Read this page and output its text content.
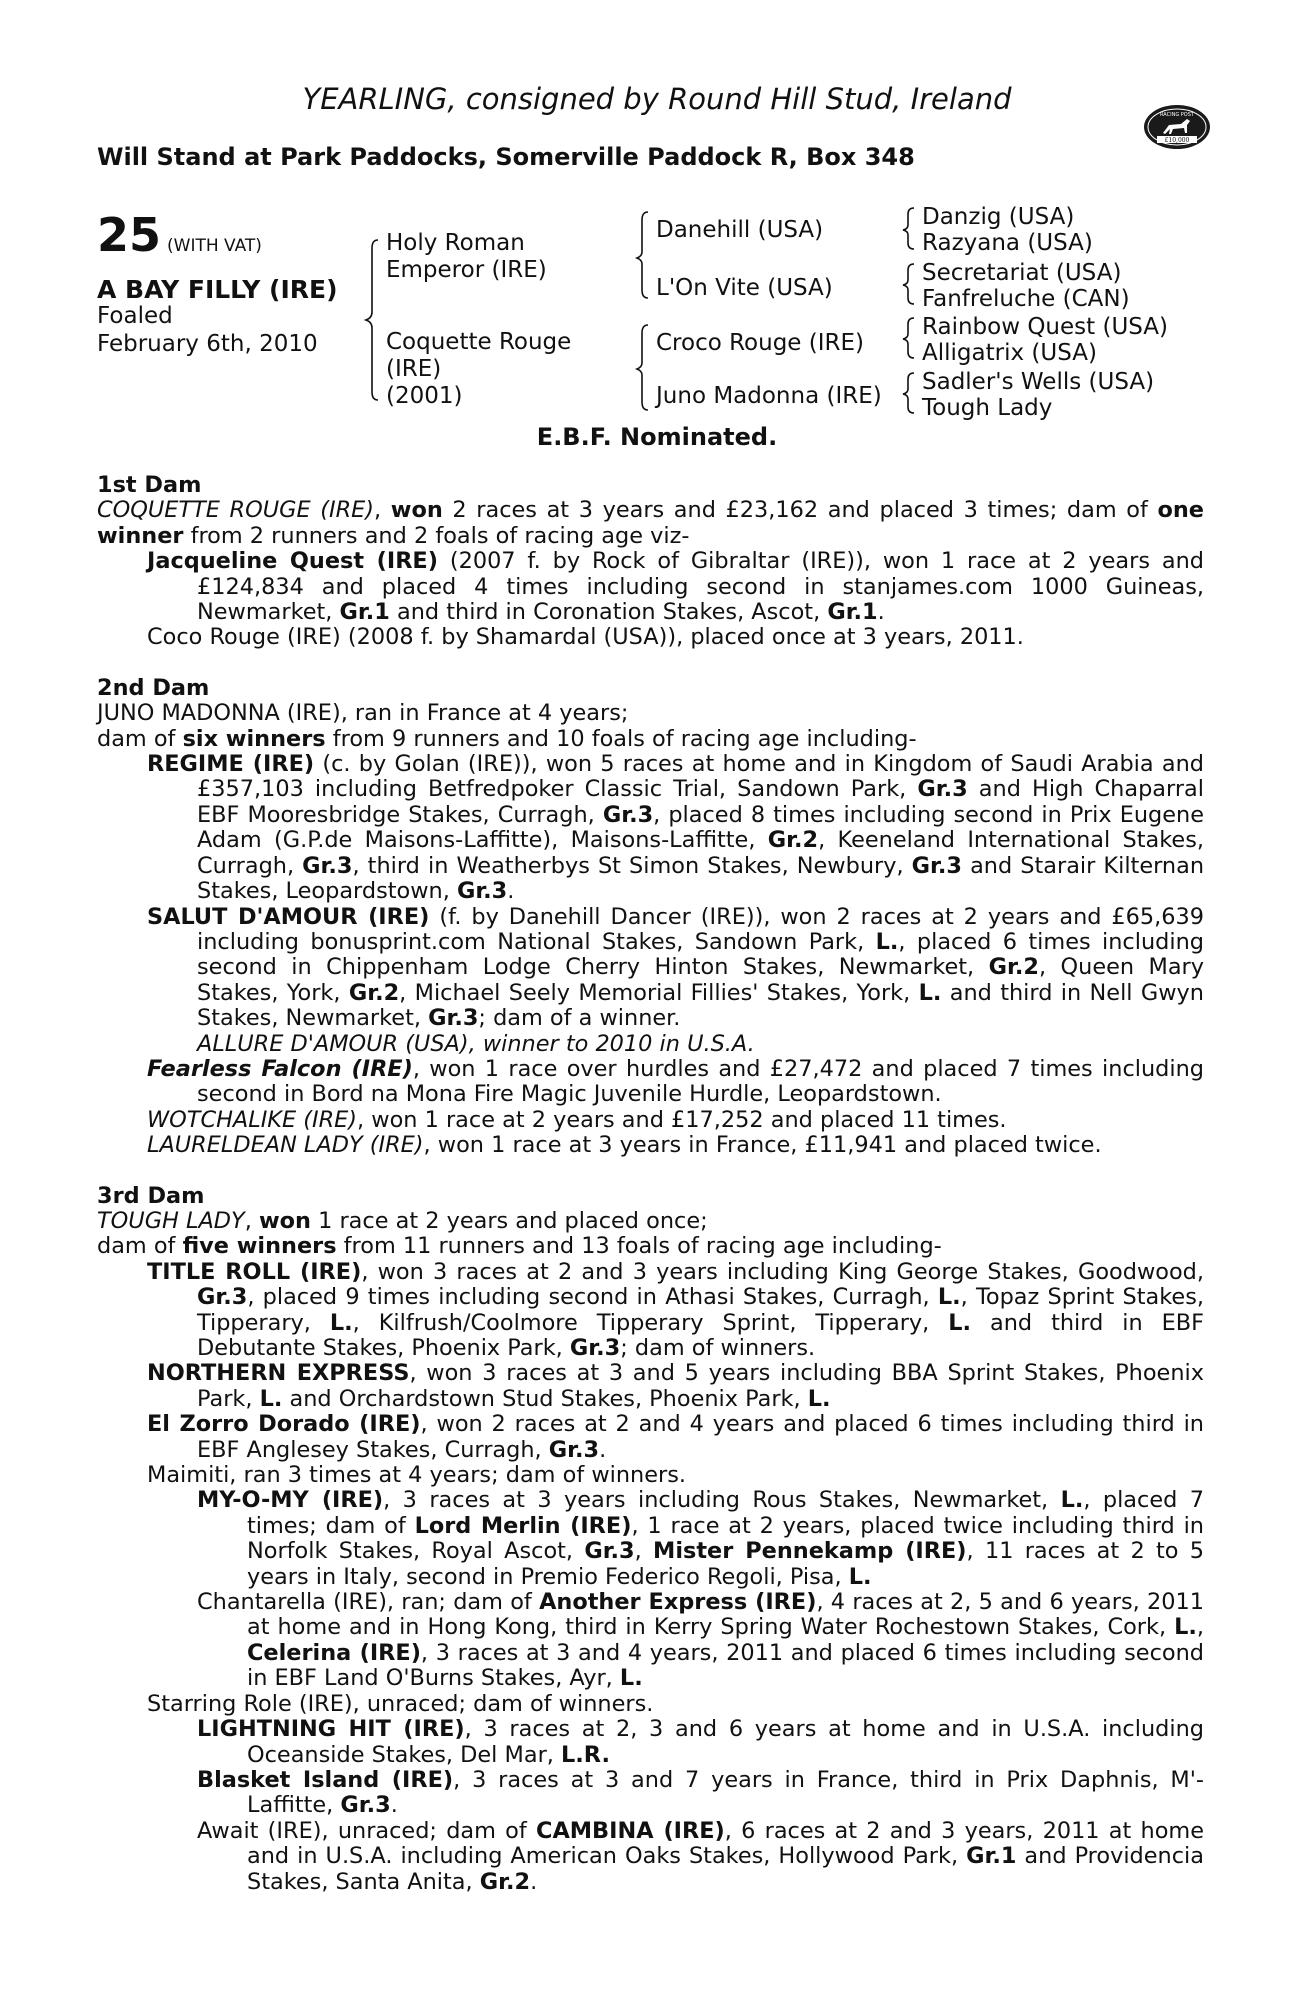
YEARLING, consigned by Round Hill Stud, Ireland
Will Stand at Park Paddocks, Somerville Paddock R, Box 348
RACING POST
£10,000
25 (WITH VAT)
A BAY FILLY (IRE)
Foaled
February 6th, 2010
Holy Roman
Emperor (IRE)
Coquette Rouge
(IRE)
(2001)
Danehill (USA)
L'On Vite (USA)
Croco Rouge (IRE)
Juno Madonna (IRE)
Danzig (USA)
Razyana (USA)
Secretariat (USA)
Fanfreluche (CAN)
Rainbow Quest (USA)
Alligatrix (USA)
Sadler's Wells (USA)
Tough Lady
E.B.F. Nominated.
1st Dam

COQUETTE ROUGE (IRE), won 2 races at 3 years and £23,162 and placed 3 times; dam of one winner from 2 runners and 2 foals of racing age viz-

Jacqueline Quest (IRE) (2007 f. by Rock of Gibraltar (IRE)), won 1 race at 2 years and £124,834 and placed 4 times including second in stanjames.com 1000 Guineas, Newmarket, Gr.1 and third in Coronation Stakes, Ascot, Gr.1.

Coco Rouge (IRE) (2008 f. by Shamardal (USA)), placed once at 3 years, 2011.

2nd Dam

JUNO MADONNA (IRE), ran in France at 4 years;

dam of six winners from 9 runners and 10 foals of racing age including-

REGIME (IRE) (c. by Golan (IRE)), won 5 races at home and in Kingdom of Saudi Arabia and £357,103 including Betfredpoker Classic Trial, Sandown Park, Gr.3 and High Chaparral EBF Mooresbridge Stakes, Curragh, Gr.3, placed 8 times including second in Prix Eugene Adam (G.P.de Maisons-Laffitte), Maisons-Laffitte, Gr.2, Keeneland International Stakes, Curragh, Gr.3, third in Weatherbys St Simon Stakes, Newbury, Gr.3 and Starair Kilternan Stakes, Leopardstown, Gr.3.

SALUT D'AMOUR (IRE) (f. by Danehill Dancer (IRE)), won 2 races at 2 years and £65,639 including bonusprint.com National Stakes, Sandown Park, L., placed 6 times including second in Chippenham Lodge Cherry Hinton Stakes, Newmarket, Gr.2, Queen Mary Stakes, York, Gr.2, Michael Seely Memorial Fillies' Stakes, York, L. and third in Nell Gwyn Stakes, Newmarket, Gr.3; dam of a winner.

ALLURE D'AMOUR (USA), winner to 2010 in U.S.A.

Fearless Falcon (IRE), won 1 race over hurdles and £27,472 and placed 7 times including second in Bord na Mona Fire Magic Juvenile Hurdle, Leopardstown.

WOTCHALIKE (IRE), won 1 race at 2 years and £17,252 and placed 11 times.

LAURELDEAN LADY (IRE), won 1 race at 3 years in France, £11,941 and placed twice.

3rd Dam

TOUGH LADY, won 1 race at 2 years and placed once;

dam of five winners from 11 runners and 13 foals of racing age including-

TITLE ROLL (IRE), won 3 races at 2 and 3 years including King George Stakes, Goodwood, Gr.3, placed 9 times including second in Athasi Stakes, Curragh, L., Topaz Sprint Stakes, Tipperary, L., Kilfrush/Coolmore Tipperary Sprint, Tipperary, L. and third in EBF Debutante Stakes, Phoenix Park, Gr.3; dam of winners.

NORTHERN EXPRESS, won 3 races at 3 and 5 years including BBA Sprint Stakes, Phoenix Park, L. and Orchardstown Stud Stakes, Phoenix Park, L.

El Zorro Dorado (IRE), won 2 races at 2 and 4 years and placed 6 times including third in EBF Anglesey Stakes, Curragh, Gr.3.

Maimiti, ran 3 times at 4 years; dam of winners.

MY-O-MY (IRE), 3 races at 3 years including Rous Stakes, Newmarket, L., placed 7 times; dam of Lord Merlin (IRE), 1 race at 2 years, placed twice including third in Norfolk Stakes, Royal Ascot, Gr.3, Mister Pennekamp (IRE), 11 races at 2 to 5 years in Italy, second in Premio Federico Regoli, Pisa, L.

Chantarella (IRE), ran; dam of Another Express (IRE), 4 races at 2, 5 and 6 years, 2011 at home and in Hong Kong, third in Kerry Spring Water Rochestown Stakes, Cork, L., Celerina (IRE), 3 races at 3 and 4 years, 2011 and placed 6 times including second in EBF Land O'Burns Stakes, Ayr, L.

Starring Role (IRE), unraced; dam of winners.

LIGHTNING HIT (IRE), 3 races at 2, 3 and 6 years at home and in U.S.A. including Oceanside Stakes, Del Mar, L.R.

Blasket Island (IRE), 3 races at 3 and 7 years in France, third in Prix Daphnis, M'-Laffitte, Gr.3.

Await (IRE), unraced; dam of CAMBINA (IRE), 6 races at 2 and 3 years, 2011 at home and in U.S.A. including American Oaks Stakes, Hollywood Park, Gr.1 and Providencia Stakes, Santa Anita, Gr.2.
